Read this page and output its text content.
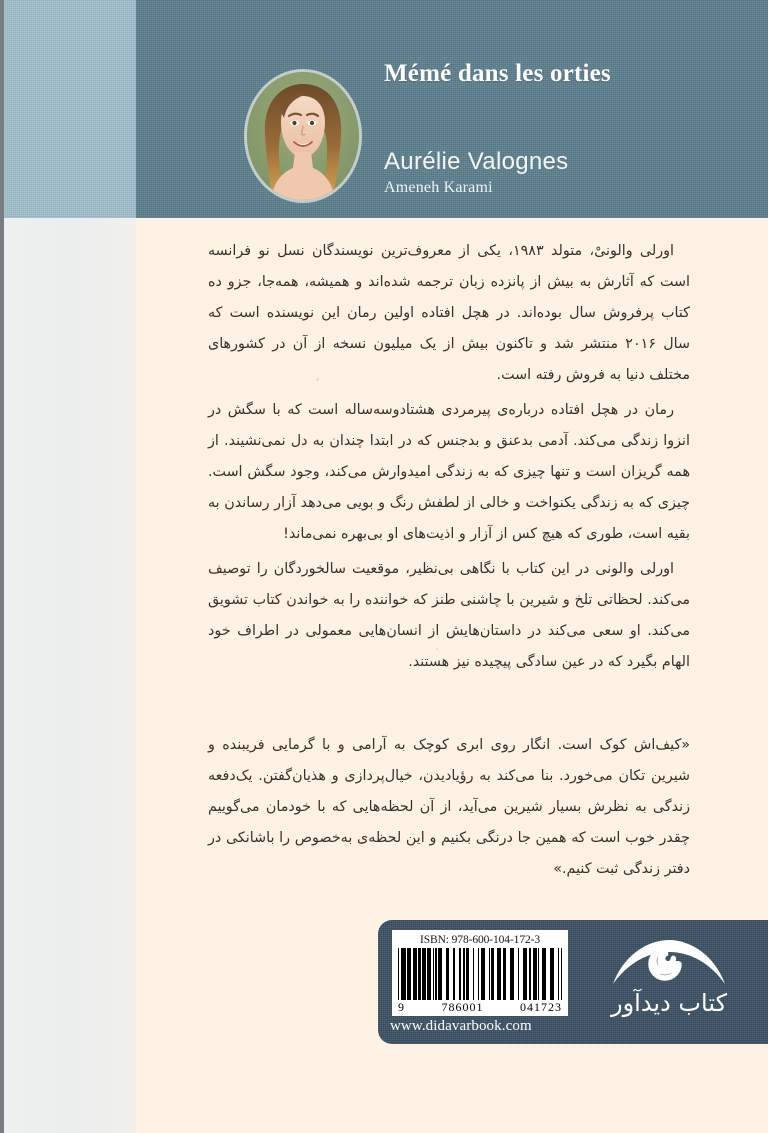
Mémé dans les orties
Aurélie Valognes
Ameneh Karami

اورلی والونیْ، متولد ۱۹۸۳، یکی از معروف‌ترین نویسندگان نسل نو فرانسه است که آثارش به بیش از پانزده زبان ترجمه شده‌اند و همیشه، همه‌جا، جزو ده کتاب پرفروش سال بوده‌اند. در هچل افتاده اولین رمان این نویسنده است که سال ۲۰۱۶ منتشر شد و تاکنون بیش از یک میلیون نسخه از آن در کشورهای مختلف دنیا به فروش رفته است.

رمان در هچل افتاده درباره‌ی پیرمردی هشتادوسه‌ساله است که با سگش در انزوا زندگی می‌کند. آدمی بدعنق و بدجنس که در ابتدا چندان به دل نمی‌نشیند. از همه گریزان است و تنها چیزی که به زندگی امیدوارش می‌کند، وجود سگش است. چیزی که به زندگی یکنواخت و خالی از لطفش رنگ و بویی می‌دهد آزار رساندن به بقیه است، طوری که هیچ کس از آزار و اذیت‌های او بی‌بهره نمی‌ماند!

اورلی والونی در این کتاب با نگاهی بی‌نظیر، موقعیت سالخوردگان را توصیف می‌کند. لحظاتی تلخ و شیرین با چاشنی طنز که خواننده را به خواندن کتاب تشویق می‌کند. او سعی می‌کند در داستان‌هایش از انسان‌هایی معمولی در اطراف خود الهام بگیرد که در عین سادگی پیچیده نیز هستند.

«کیف‌اش کوک است. انگار روی ابری کوچک به آرامی و با گرمایی فریبنده و شیرین تکان می‌خورد. بنا می‌کند به رؤیادیدن، خیال‌پردازی و هذیان‌گفتن. یک‌دفعه زندگی به نظرش بسیار شیرین می‌آید، از آن لحظه‌هایی که با خودمان می‌گوییم چقدر خوب است که همین جا درنگی بکنیم و این لحظه‌ی به‌خصوص را باشانکی در دفتر زندگی ثبت کنیم.»

ISBN: 978-600-104-172-3
9	786001	041723
www.didavarbook.com
کتاب دیدآور
